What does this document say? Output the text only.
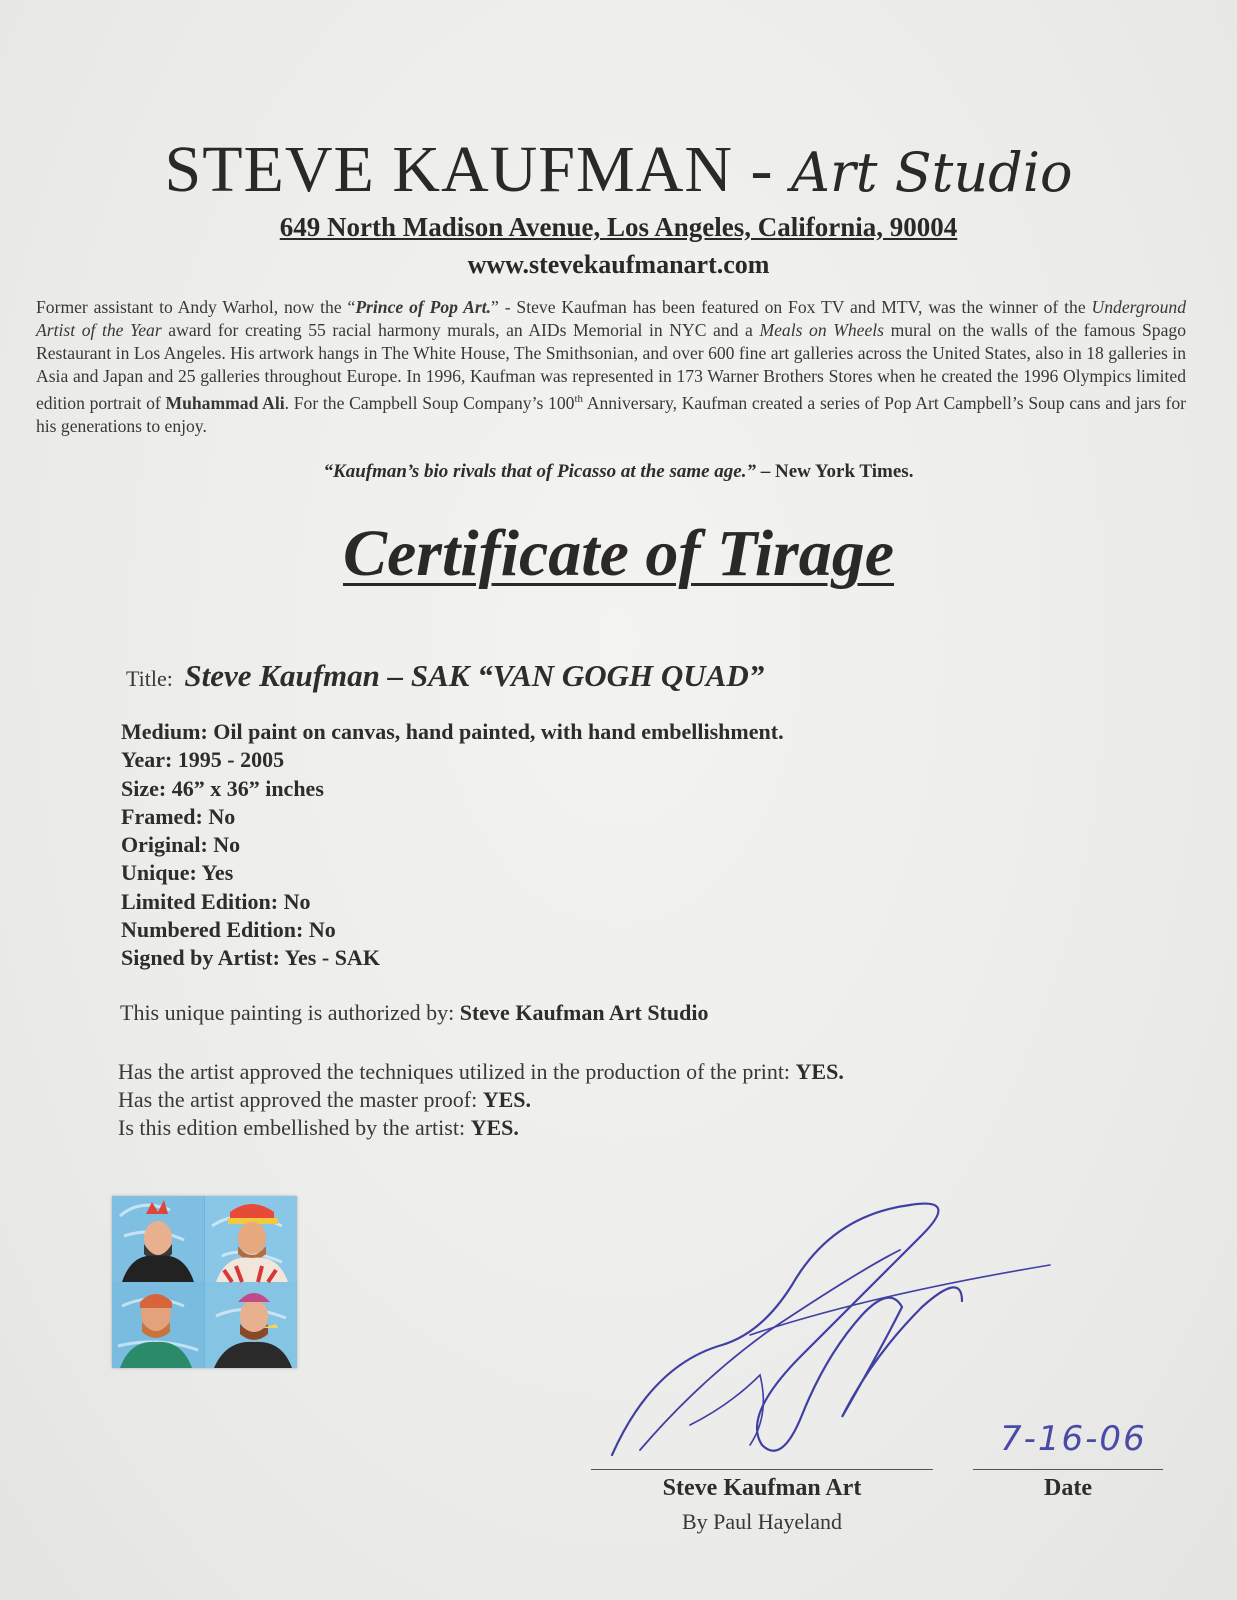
STEVE KAUFMAN - Art Studio
649 North Madison Avenue, Los Angeles, California, 90004
www.stevekaufmanart.com
Former assistant to Andy Warhol, now the “Prince of Pop Art.” - Steve Kaufman has been featured on Fox TV and MTV, was the winner of the Underground Artist of the Year award for creating 55 racial harmony murals, an AIDs Memorial in NYC and a Meals on Wheels mural on the walls of the famous Spago Restaurant in Los Angeles. His artwork hangs in The White House, The Smithsonian, and over 600 fine art galleries across the United States, also in 18 galleries in Asia and Japan and 25 galleries throughout Europe. In 1996, Kaufman was represented in 173 Warner Brothers Stores when he created the 1996 Olympics limited edition portrait of Muhammad Ali. For the Campbell Soup Company’s 100th Anniversary, Kaufman created a series of Pop Art Campbell’s Soup cans and jars for his generations to enjoy.
“Kaufman’s bio rivals that of Picasso at the same age.” – New York Times.
Certificate of Tirage
Title: Steve Kaufman – SAK “VAN GOGH QUAD”
Medium: Oil paint on canvas, hand painted, with hand embellishment.
Year: 1995 - 2005
Size: 46” x 36” inches
Framed: No
Original: No
Unique: Yes
Limited Edition: No
Numbered Edition: No
Signed by Artist: Yes - SAK
This unique painting is authorized by: Steve Kaufman Art Studio
Has the artist approved the techniques utilized in the production of the print: YES.
Has the artist approved the master proof: YES.
Is this edition embellished by the artist: YES.
7-16-06
Steve Kaufman Art
By Paul Hayeland
Date
